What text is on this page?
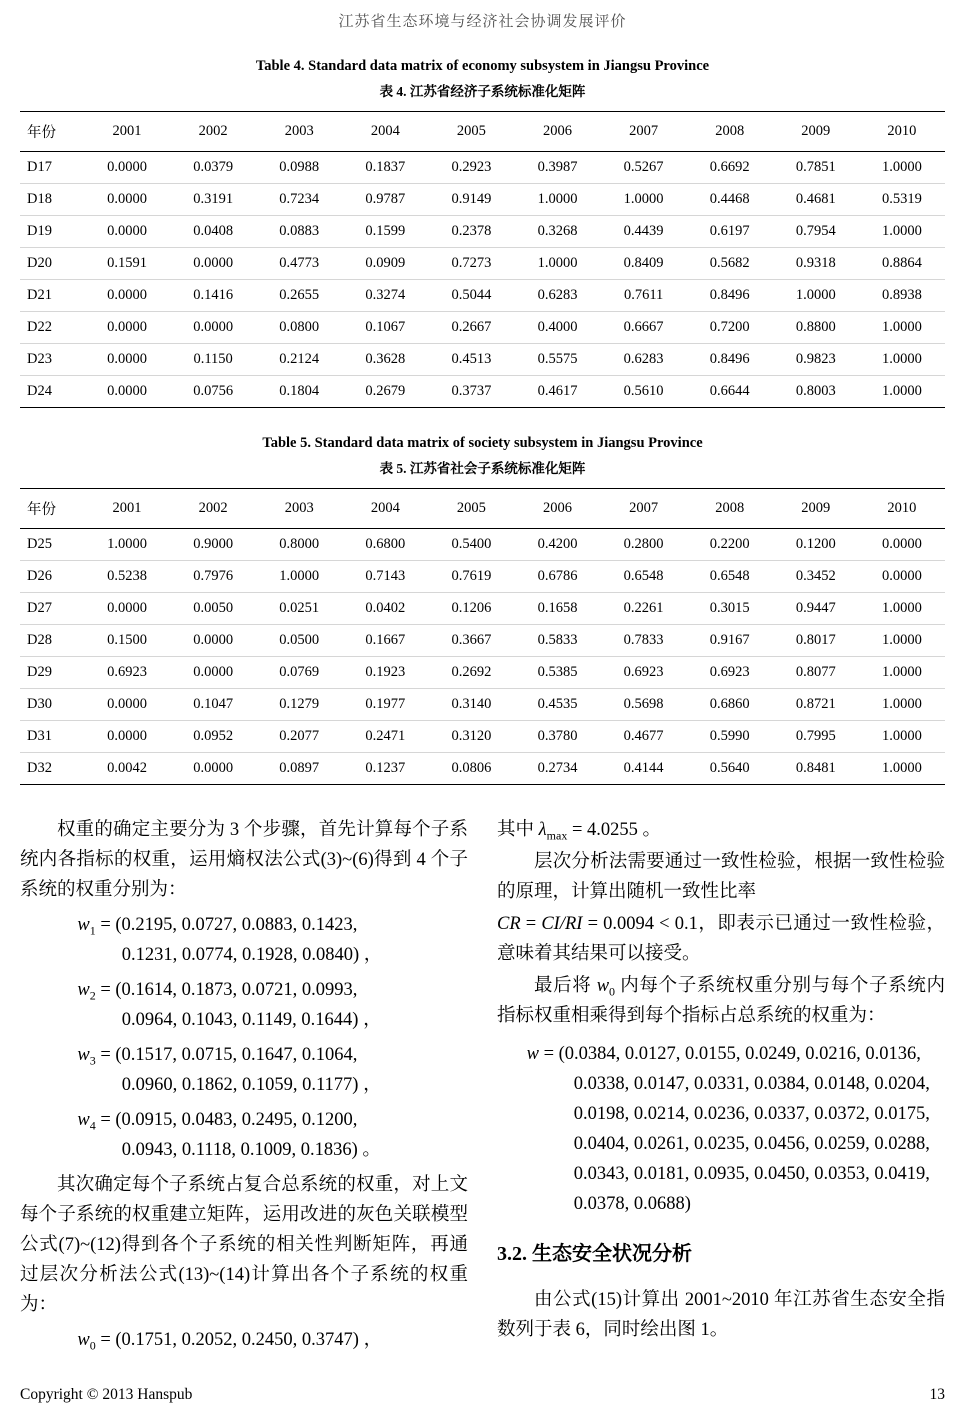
江苏省生态环境与经济社会协调发展评价
Table 4. Standard data matrix of economy subsystem in Jiangsu Province
表 4. 江苏省经济子系统标准化矩阵
年份	2001	2002	2003	2004	2005	2006	2007	2008	2009	2010
D17	0.0000	0.0379	0.0988	0.1837	0.2923	0.3987	0.5267	0.6692	0.7851	1.0000
D18	0.0000	0.3191	0.7234	0.9787	0.9149	1.0000	1.0000	0.4468	0.4681	0.5319
D19	0.0000	0.0408	0.0883	0.1599	0.2378	0.3268	0.4439	0.6197	0.7954	1.0000
D20	0.1591	0.0000	0.4773	0.0909	0.7273	1.0000	0.8409	0.5682	0.9318	0.8864
D21	0.0000	0.1416	0.2655	0.3274	0.5044	0.6283	0.7611	0.8496	1.0000	0.8938
D22	0.0000	0.0000	0.0800	0.1067	0.2667	0.4000	0.6667	0.7200	0.8800	1.0000
D23	0.0000	0.1150	0.2124	0.3628	0.4513	0.5575	0.6283	0.8496	0.9823	1.0000
D24	0.0000	0.0756	0.1804	0.2679	0.3737	0.4617	0.5610	0.6644	0.8003	1.0000
Table 5. Standard data matrix of society subsystem in Jiangsu Province
表 5. 江苏省社会子系统标准化矩阵
年份	2001	2002	2003	2004	2005	2006	2007	2008	2009	2010
D25	1.0000	0.9000	0.8000	0.6800	0.5400	0.4200	0.2800	0.2200	0.1200	0.0000
D26	0.5238	0.7976	1.0000	0.7143	0.7619	0.6786	0.6548	0.6548	0.3452	0.0000
D27	0.0000	0.0050	0.0251	0.0402	0.1206	0.1658	0.2261	0.3015	0.9447	1.0000
D28	0.1500	0.0000	0.0500	0.1667	0.3667	0.5833	0.7833	0.9167	0.8017	1.0000
D29	0.6923	0.0000	0.0769	0.1923	0.2692	0.5385	0.6923	0.6923	0.8077	1.0000
D30	0.0000	0.1047	0.1279	0.1977	0.3140	0.4535	0.5698	0.6860	0.8721	1.0000
D31	0.0000	0.0952	0.2077	0.2471	0.3120	0.3780	0.4677	0.5990	0.7995	1.0000
D32	0.0042	0.0000	0.0897	0.1237	0.0806	0.2734	0.4144	0.5640	0.8481	1.0000

权重的确定主要分为 3 个步骤，首先计算每个子系统内各指标的权重，运用熵权法公式(3)~(6)得到 4 个子系统的权重分别为：

$w_1 = (0.2195$, 0.0727, 0.0883, 0.1423,
0.1231, 0.0774, 0.1928, 0.0840) ，
$w_2 = (0.1614$, 0.1873, 0.0721, 0.0993,
0.0964, 0.1043, 0.1149, 0.1644) ，
$w_3 = (0.1517$, 0.0715, 0.1647, 0.1064,
0.0960, 0.1862, 0.1059, 0.1177) ，
$w_4 = (0.0915$, 0.0483, 0.2495, 0.1200,
0.0943, 0.1118, 0.1009, 0.1836) 。

其次确定每个子系统占复合总系统的权重，对上文每个子系统的权重建立矩阵，运用改进的灰色关联模型公式(7)~(12)得到各个子系统的相关性判断矩阵，再通过层次分析法公式(13)~(14)计算出各个子系统的权重为：

$w_0 = (0.1751$, 0.2052, 0.2450, 0.3747) ，

其中 $\lambda_{max} = 4.0255$ 。

层次分析法需要通过一致性检验，根据一致性检验的原理，计算出随机一致性比率

CR = CI/RI = 0.0094 < 0.1，即表示已通过一致性检验，意味着其结果可以接受。

最后将 $w_0$ 内每个子系统权重分别与每个子系统内指标权重相乘得到每个指标占总系统的权重为：

w = (0.0384, 0.0127, 0.0155, 0.0249, 0.0216, 0.0136,
0.0338, 0.0147, 0.0331, 0.0384, 0.0148, 0.0204,
0.0198, 0.0214, 0.0236, 0.0337, 0.0372, 0.0175,
0.0404, 0.0261, 0.0235, 0.0456, 0.0259, 0.0288,
0.0343, 0.0181, 0.0935, 0.0450, 0.0353, 0.0419,
0.0378, 0.0688)
3.2. 生态安全状况分析

由公式(15)计算出 2001~2010 年江苏省生态安全指数列于表 6，同时绘出图 1。

Copyright © 2013 Hanspub	13
